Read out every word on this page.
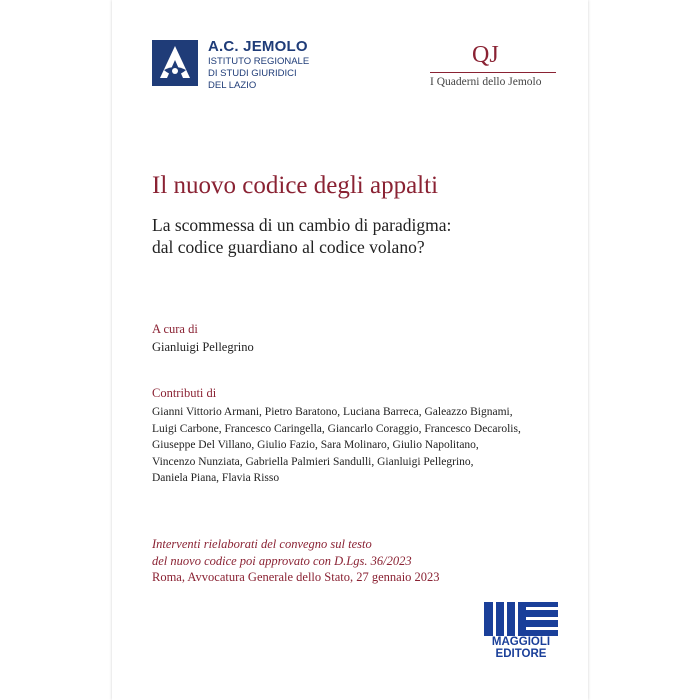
A.C. JEMOLO
ISTITUTO REGIONALE
DI STUDI GIURIDICI
DEL LAZIO
QJ
I Quaderni dello Jemolo
Il nuovo codice degli appalti
La scommessa di un cambio di paradigma:
dal codice guardiano al codice volano?
A cura di
Gianluigi Pellegrino
Contributi di
Gianni Vittorio Armani, Pietro Baratono, Luciana Barreca, Galeazzo Bignami,
Luigi Carbone, Francesco Caringella, Giancarlo Coraggio, Francesco Decarolis,
Giuseppe Del Villano, Giulio Fazio, Sara Molinaro, Giulio Napolitano,
Vincenzo Nunziata, Gabriella Palmieri Sandulli, Gianluigi Pellegrino,
Daniela Piana, Flavia Risso
Interventi rielaborati del convegno sul testo
del nuovo codice poi approvato con D.Lgs. 36/2023
Roma, Avvocatura Generale dello Stato, 27 gennaio 2023
MAGGIOLI
EDITORE
